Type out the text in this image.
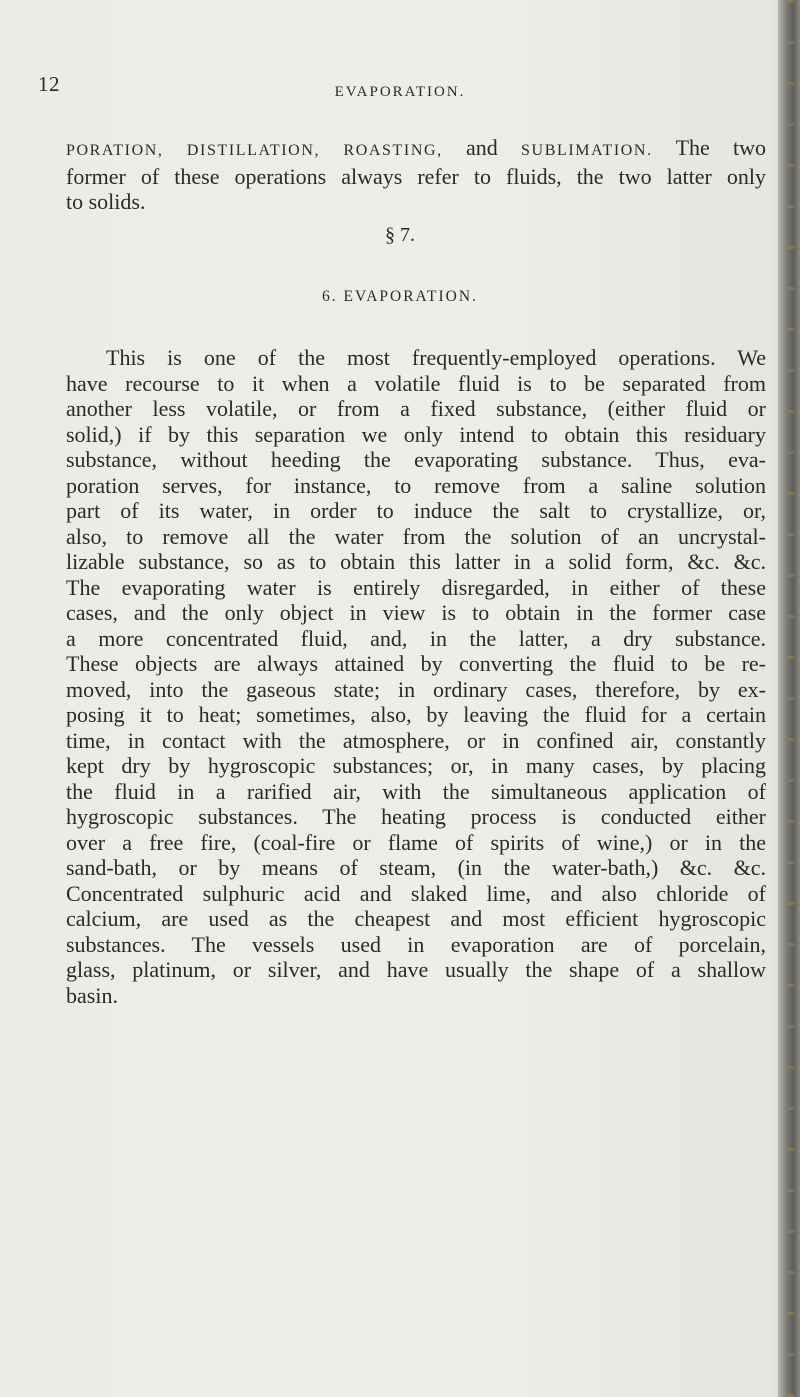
12	EVAPORATION.
PORATION, DISTILLATION, ROASTING, and SUBLIMATION. The two
former of these operations always refer to fluids, the two latter only
to solids.
§ 7.
6. EVAPORATION.
This is one of the most frequently-employed operations. We
have recourse to it when a volatile fluid is to be separated from
another less volatile, or from a fixed substance, (either fluid or
solid,) if by this separation we only intend to obtain this residuary
substance, without heeding the evaporating substance. Thus, eva-
poration serves, for instance, to remove from a saline solution
part of its water, in order to induce the salt to crystallize, or,
also, to remove all the water from the solution of an uncrystal-
lizable substance, so as to obtain this latter in a solid form, &c. &c.
The evaporating water is entirely disregarded, in either of these
cases, and the only object in view is to obtain in the former case
a more concentrated fluid, and, in the latter, a dry substance.
These objects are always attained by converting the fluid to be re-
moved, into the gaseous state; in ordinary cases, therefore, by ex-
posing it to heat; sometimes, also, by leaving the fluid for a certain
time, in contact with the atmosphere, or in confined air, constantly
kept dry by hygroscopic substances; or, in many cases, by placing
the fluid in a rarified air, with the simultaneous application of
hygroscopic substances. The heating process is conducted either
over a free fire, (coal-fire or flame of spirits of wine,) or in the
sand-bath, or by means of steam, (in the water-bath,) &c. &c.
Concentrated sulphuric acid and slaked lime, and also chloride of
calcium, are used as the cheapest and most efficient hygroscopic
substances. The vessels used in evaporation are of porcelain,
glass, platinum, or silver, and have usually the shape of a shallow
basin.
